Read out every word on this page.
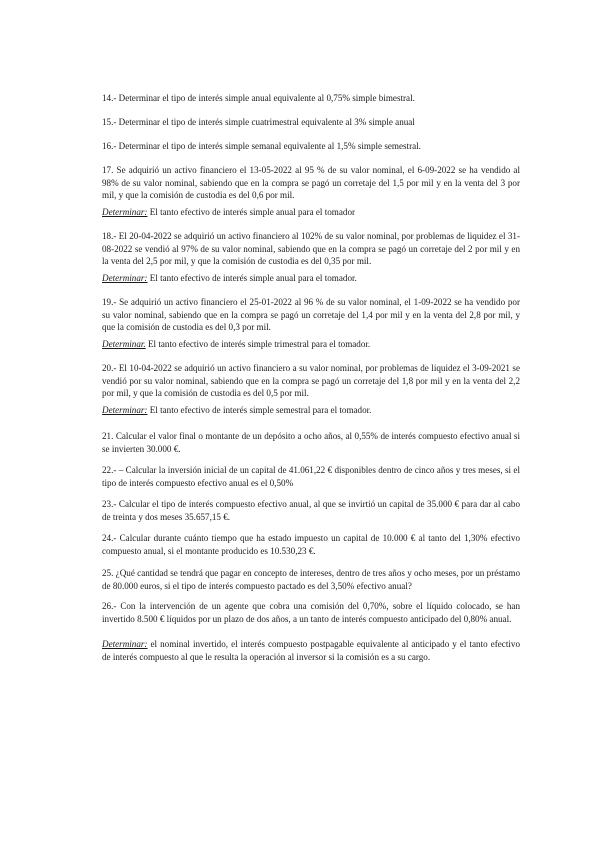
14.- Determinar el tipo de interés simple anual equivalente al 0,75% simple bimestral.

15.- Determinar el tipo de interés simple cuatrimestral equivalente al 3% simple anual

16.- Determinar el tipo de interés simple semanal equivalente al 1,5% simple semestral.

17. Se adquirió un activo financiero el 13-05-2022 al 95 % de su valor nominal, el 6-09-2022 se ha vendido al 98% de su valor nominal, sabiendo que en la compra se pagó un corretaje del 1,5 por mil y en la venta del 3 por mil, y que la comisión de custodia es del 0,6 por mil.

Determinar: El tanto efectivo de interés simple anual para el tomador

18.- El 20-04-2022 se adquirió un activo financiero al 102% de su valor nominal, por problemas de liquidez el 31-08-2022 se vendió al 97% de su valor nominal, sabiendo que en la compra se pagó un corretaje del 2 por mil y en la venta del 2,5 por mil, y que la comisión de custodia es del 0,35 por mil.

Determinar: El tanto efectivo de interés simple anual para el tomador.

19.- Se adquirió un activo financiero el 25-01-2022 al 96 % de su valor nominal, el 1-09-2022 se ha vendido por su valor nominal, sabiendo que en la compra se pagó un corretaje del 1,4 por mil y en la venta del 2,8 por mil, y que la comisión de custodia es del 0,3 por mil.

Determinar. El tanto efectivo de interés simple trimestral para el tomador.

20.- El 10-04-2022 se adquirió un activo financiero a su valor nominal, por problemas de liquidez el 3-09-2021 se vendió por su valor nominal, sabiendo que en la compra se pagó un corretaje del 1,8 por mil y en la venta del 2,2 por mil, y que la comisión de custodia es del 0,5 por mil.

Determinar: El tanto efectivo de interés simple semestral para el tomador.

21. Calcular el valor final o montante de un depósito a ocho años, al 0,55% de interés compuesto efectivo anual si se invierten 30.000 €.

22.- – Calcular la inversión inicial de un capital de 41.061,22 € disponibles dentro de cinco años y tres meses, si el tipo de interés compuesto efectivo anual es el 0,50%

23.- Calcular el tipo de interés compuesto efectivo anual, al que se invirtió un capital de 35.000 € para dar al cabo de treinta y dos meses 35.657,15 €.

24.- Calcular durante cuánto tiempo que ha estado impuesto un capital de 10.000 € al tanto del 1,30% efectivo compuesto anual, si el montante producido es 10.530,23 €.

25. ¿Qué cantidad se tendrá que pagar en concepto de intereses, dentro de tres años y ocho meses, por un préstamo de 80.000 euros, si el tipo de interés compuesto pactado es del 3,50% efectivo anual?

26.- Con la intervención de un agente que cobra una comisión del 0,70%, sobre el líquido colocado, se han invertido 8.500 € líquidos por un plazo de dos años, a un tanto de interés compuesto anticipado del 0,80% anual.

Determinar: el nominal invertido, el interés compuesto postpagable equivalente al anticipado y el tanto efectivo de interés compuesto al que le resulta la operación al inversor si la comisión es a su cargo.
